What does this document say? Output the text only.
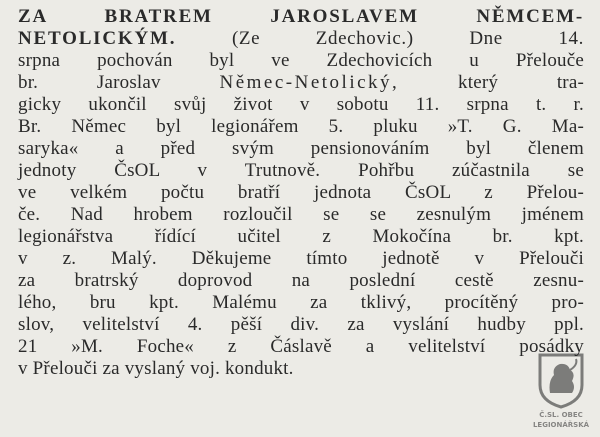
ZA BRATREM JAROSLAVEM NĚMCEM-
NETOLICKÝM. (Ze Zdechovic.) Dne 14.
srpna pochován byl ve Zdechovicích u Přelouče
br. Jaroslav	Němec-Netolický, který tra-
gicky ukončil svůj život v sobotu 11. srpna t. r.
Br. Němec byl legionářem 5. pluku »T. G. Ma-
saryka« a před svým pensionováním byl členem
jednoty ČsOL v Trutnově. Pohřbu zúčastnila se
ve velkém počtu bratří jednota ČsOL z Přelou-
če. Nad hrobem rozloučil se se zesnulým jménem
legionářstva řídící učitel z Mokočína br. kpt.
v z. Malý. Děkujeme tímto jednotě v Přelouči
za bratrský doprovod na poslední cestě zesnu-
lého, bru kpt. Malému za tklivý, procítěný pro-
slov, velitelství 4. pěší div. za vyslání hudby ppl.
21 »M. Foche« z Čáslavě a velitelství posádky
v Přelouči za vyslaný voj. kondukt.
Č.SL. OBEC
LEGIONÁŘSKÁ
